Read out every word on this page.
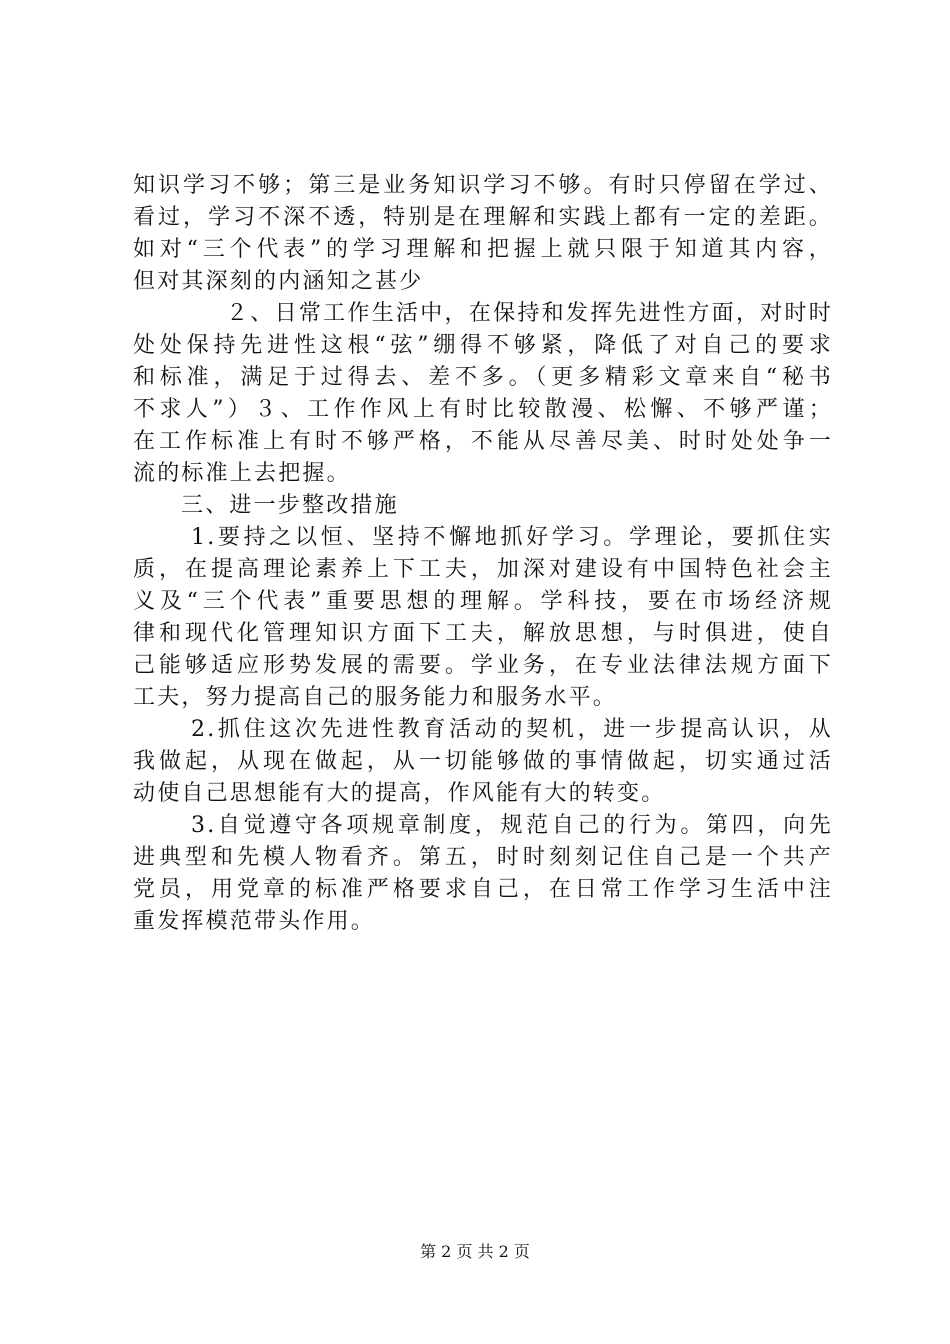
知识学习不够；第三是业务知识学习不够。有时只停留在学过、
看过，学习不深不透，特别是在理解和实践上都有一定的差距。
如对“三个代表”的学习理解和把握上就只限于知道其内容，
但对其深刻的内涵知之甚少
２、日常工作生活中，在保持和发挥先进性方面，对时时
处处保持先进性这根“弦”绷得不够紧，降低了对自己的要求
和标准，满足于过得去、差不多。（更多精彩文章来自“秘书
不求人”）３、工作作风上有时比较散漫、松懈、不够严谨；
在工作标准上有时不够严格，不能从尽善尽美、时时处处争一
流的标准上去把握。
三、进一步整改措施
1.要持之以恒、坚持不懈地抓好学习。学理论，要抓住实
质，在提高理论素养上下工夫，加深对建设有中国特色社会主
义及“三个代表”重要思想的理解。学科技，要在市场经济规
律和现代化管理知识方面下工夫，解放思想，与时俱进，使自
己能够适应形势发展的需要。学业务，在专业法律法规方面下
工夫，努力提高自己的服务能力和服务水平。
2.抓住这次先进性教育活动的契机，进一步提高认识，从
我做起，从现在做起，从一切能够做的事情做起，切实通过活
动使自己思想能有大的提高，作风能有大的转变。
3.自觉遵守各项规章制度，规范自己的行为。第四，向先
进典型和先模人物看齐。第五，时时刻刻记住自己是一个共产
党员，用党章的标准严格要求自己，在日常工作学习生活中注
重发挥模范带头作用。
第 2 页 共 2 页
